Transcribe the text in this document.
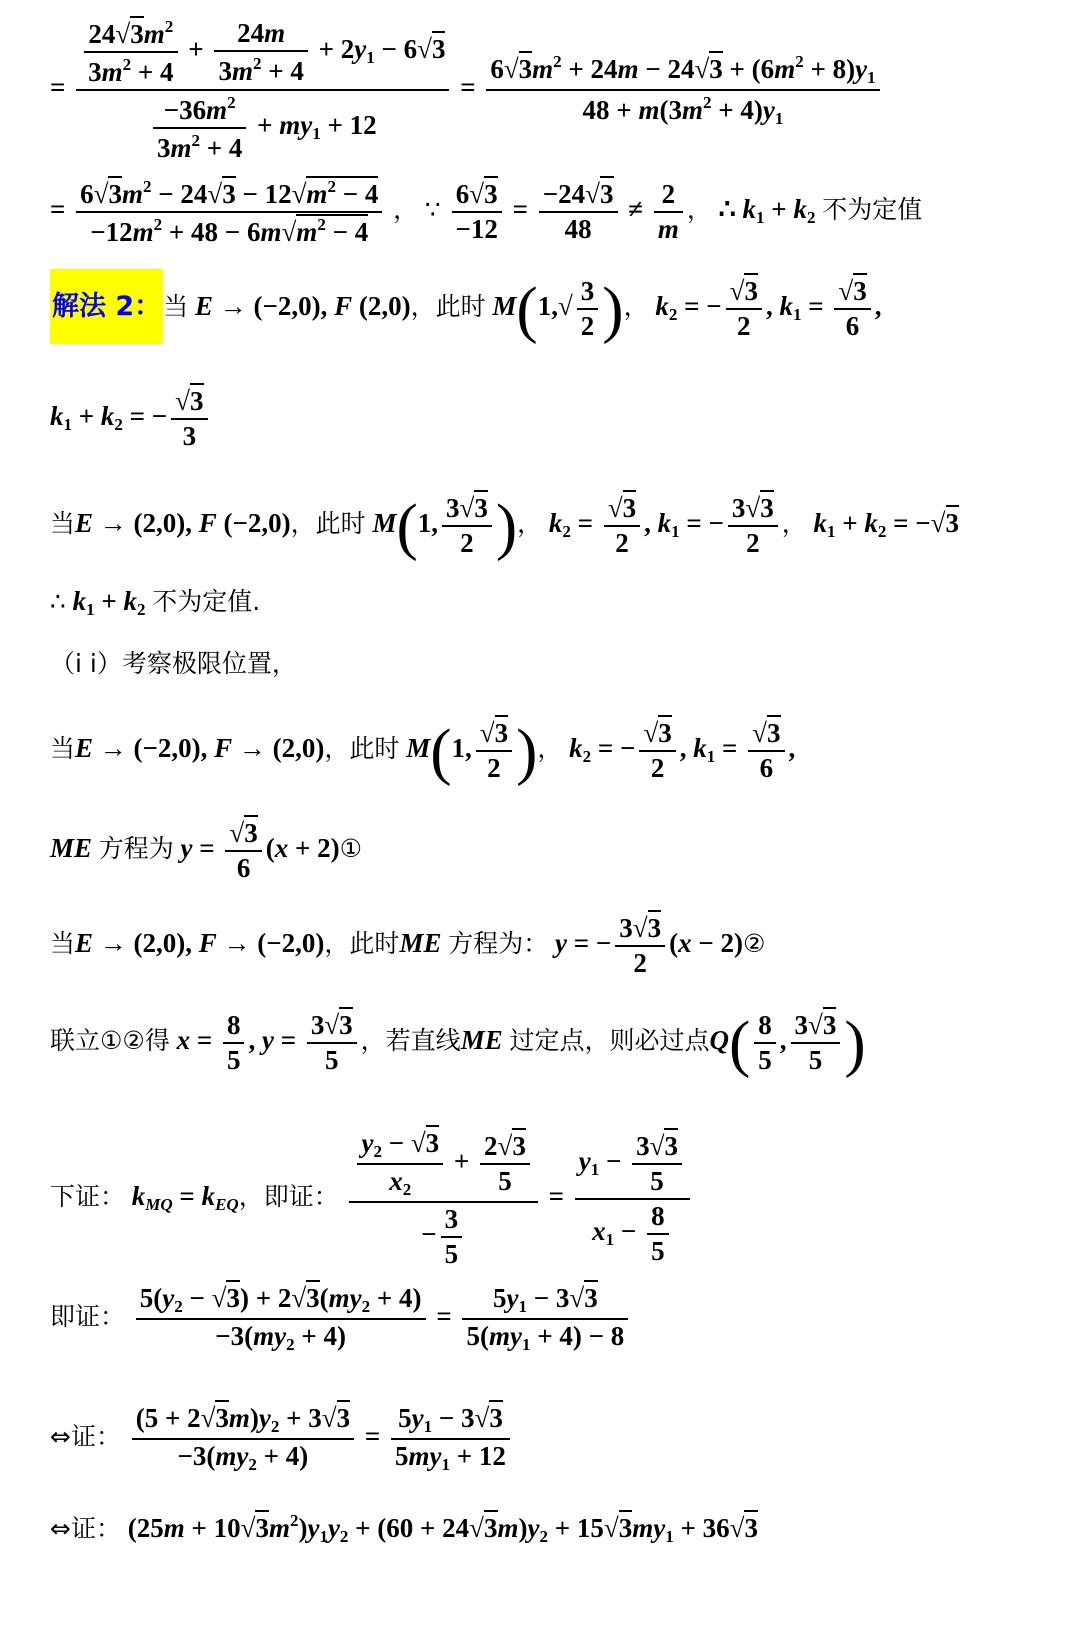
= $\frac{\frac{24√3m^2}{3m^2 + 4} + \frac{24m}{3m^2 + 4} + 2y_1 - 6√3}{\frac{-36m^2}{3m^2 + 4} + my_1 + 12} = \frac{6√3m^2 + 24m - 24√3 + (6m^2 + 8)y_1}{48 + m(3m^2 + 4)y_1}$
= $\frac{6√3m^2 - 24√3 - 12√m^2 - 4}{-12m^2 + 48 - 6m√m^2 - 4}$ ， ∵ $\frac{6√3}{-12} = \frac{-24√3}{48} \ne \frac{2}{m}$ ， ∴ $k_1 + k_2$ 不为定值
解法 2：当 E → (−2,0), F (2,0)，此时 $M(1,√ \frac{3}{2}$ )， $k_2$ = − $\frac{√3}{2}$ , $k_1 = \frac{√3}{6}$ ,
$k_1 + k_2$ = − $\frac{√3}{3}$
当E → (2,0), F (−2,0)，此时 M(1, $\frac{3√3}{2}$ )， $k_2 = \frac{√3}{2}$ , $k_1$ = − $\frac{3√3}{2}$ ， $k_1 + k_2 = -√3$
∴ $k_1 + k_2$ 不为定值.
（i i）考察极限位置，
当E → (−2,0), F → (2,0)，此时 M(1, $\frac{√3}{2}$ )， $k_2$ = − $\frac{√3}{2}$ , $k_1 = \frac{√3}{6}$ ,
ME 方程为 $y = \frac{√3}{6} (x$ + 2)①
当E → (2,0), F → (−2,0)，此时ME 方程为： y = − $\frac{3√3}{2} (x$ − 2)②
联立①②得 $x = \frac{8}{5}$ , $y = \frac{3√3}{5}$ ，若直线ME 过定点，则必过点$Q( \frac{8}{5}$ , $\frac{3√3}{5}$ )
下证： $k_{MQ} = k_{EQ}$，即证： $\frac{\frac{y_2 - √3}{x_2} + \frac{2√3}{5}}{- \frac{3}{5}} = \frac{y_1 - \frac{3√3}{5}}{x_1 - \frac{8}{5}}$
即证： $\frac{5(y_2 - √3) + 2√3(my_2 + 4)}{-3(my_2 + 4)} = \frac{5y_1 - 3√3}{5(my_1 + 4) - 8}$
⇔证： $\frac{(5 + 2√3m)y_2 + 3√3}{-3(my_2 + 4)} = \frac{5y_1 - 3√3}{5my_1 + 12}$
⇔证： $(25m + 10√3m^2)y_1y_2 + (60 + 24√3m)y_2 + 15√3my_1 + 36√3$
